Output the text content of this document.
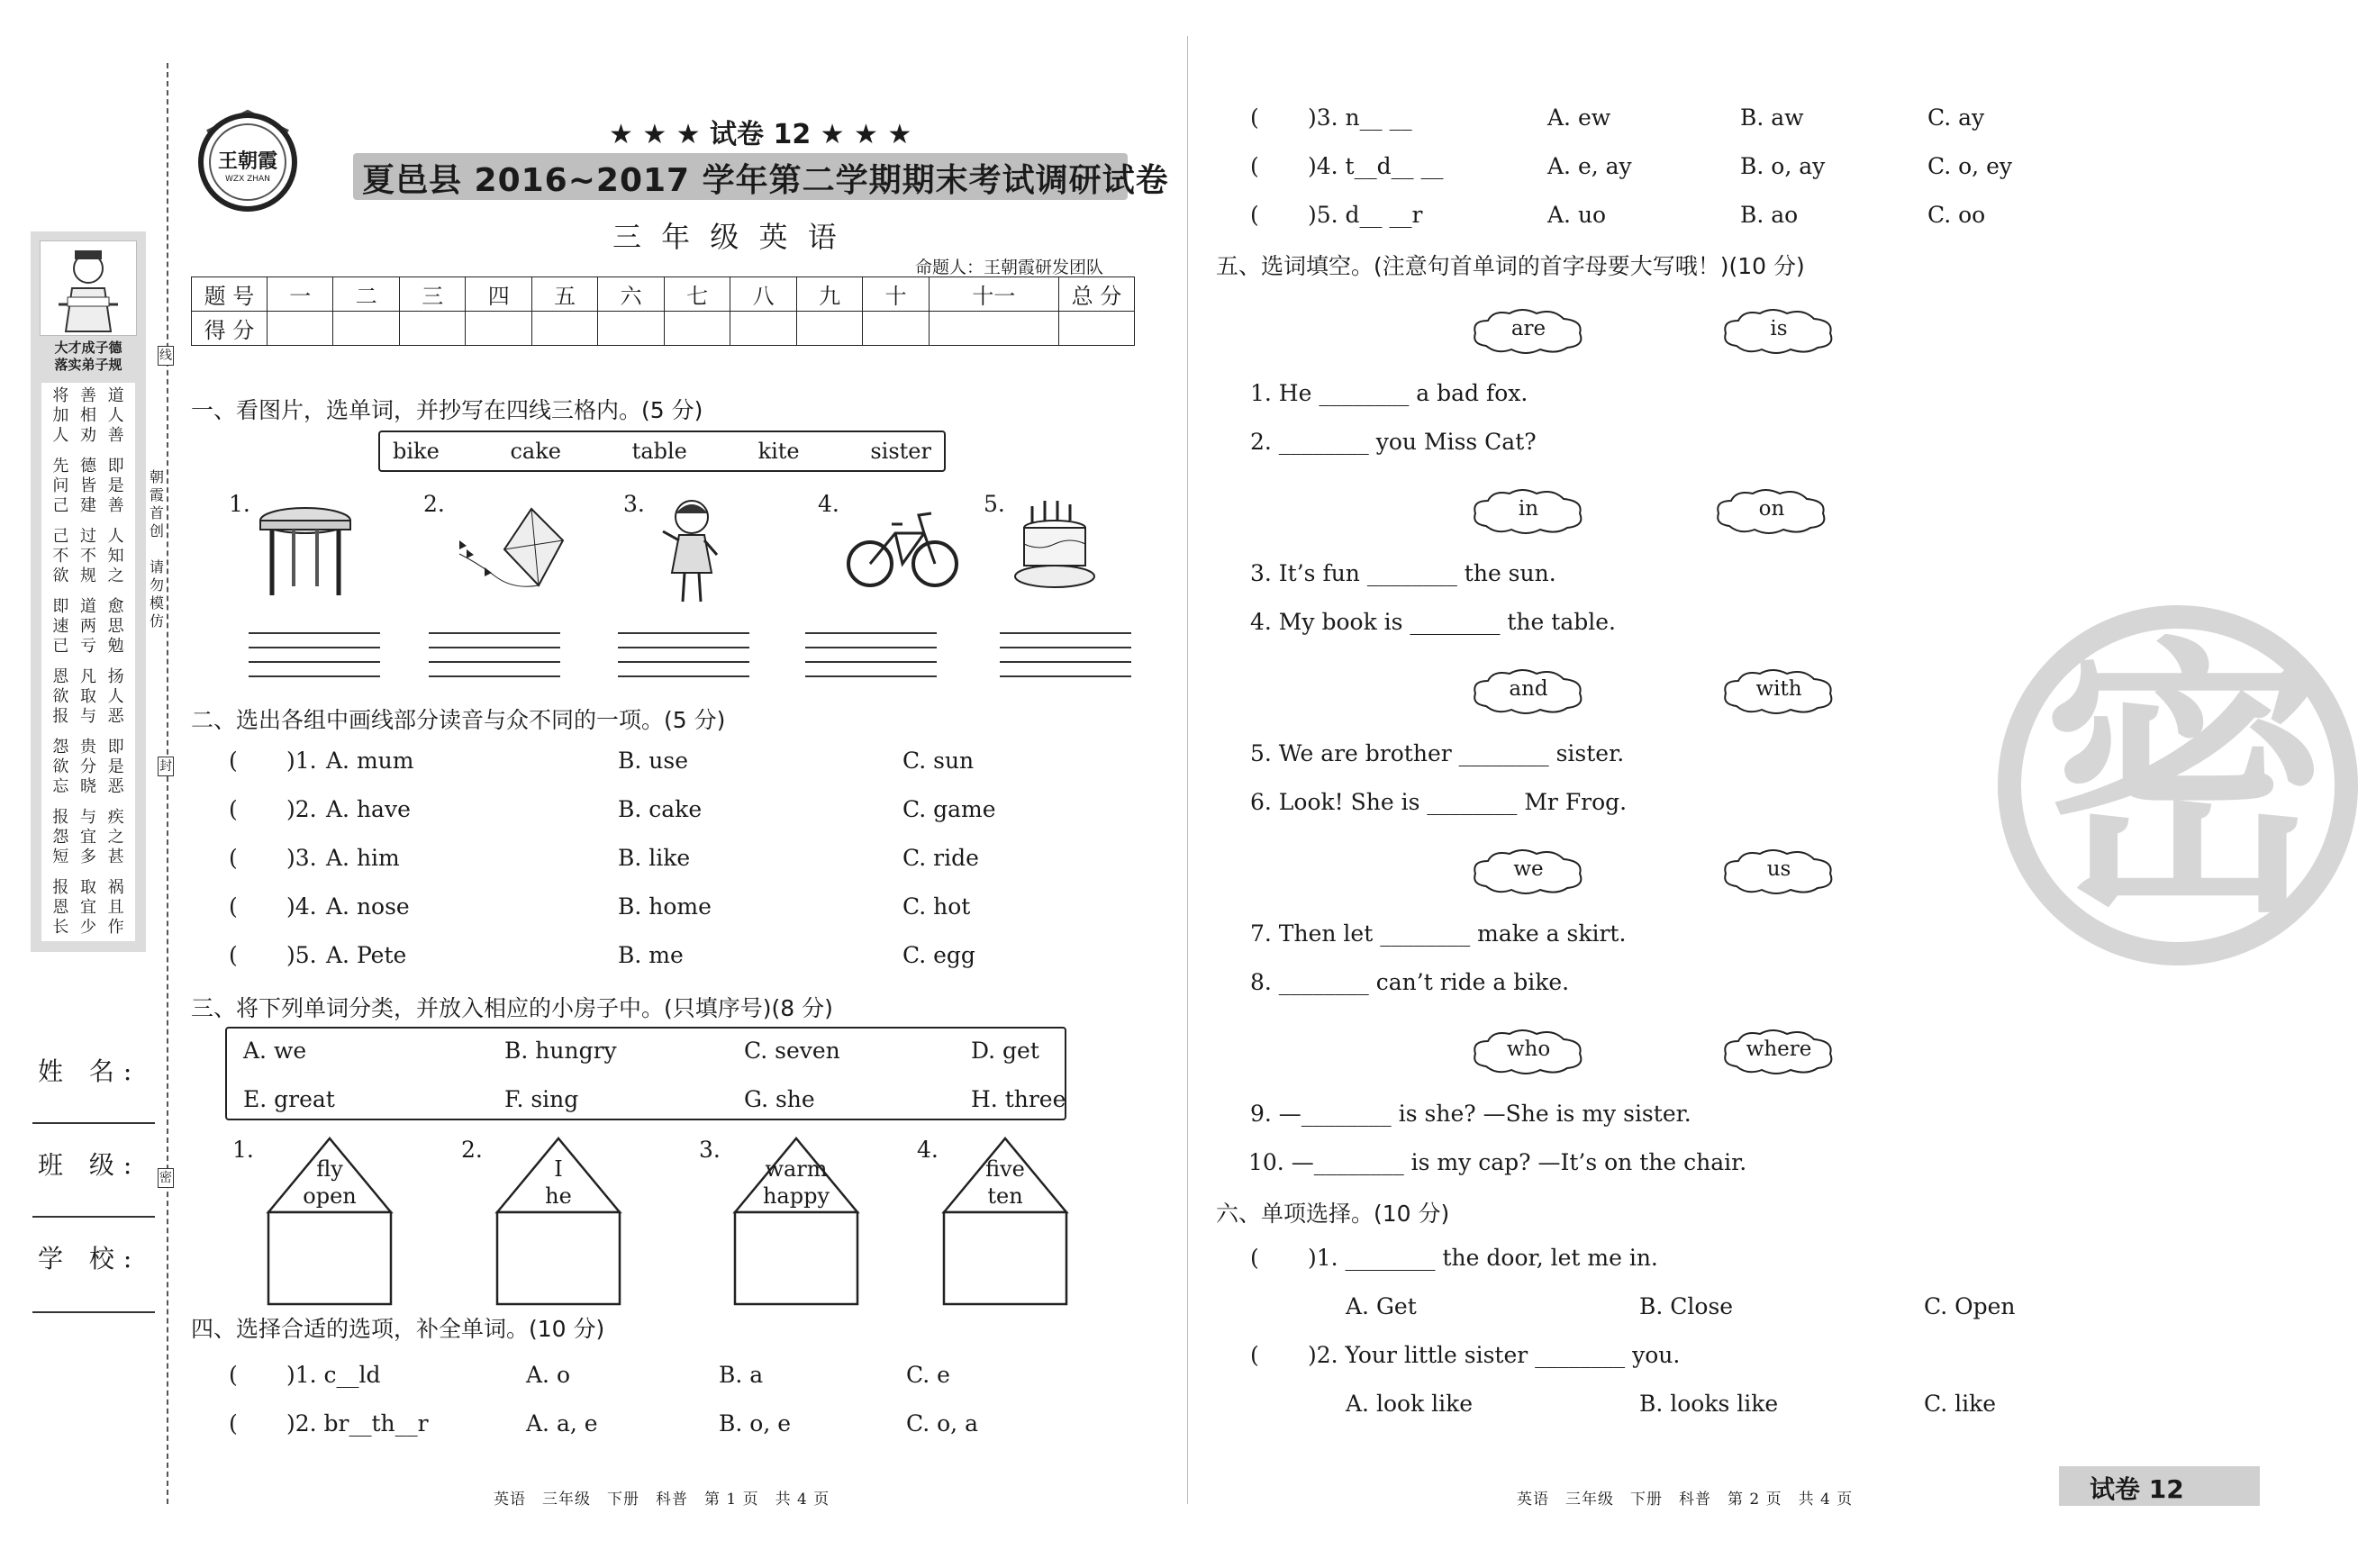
大才成子德
落实弟子规
将 善 道
加 相 人
人 劝 善
先 德 即
问 皆 是
己 建 善
己 过 人
不 不 知
欲 规 之
即 道 愈
速 两 思
已 亏 勉
恩 凡 扬
欲 取 人
报 与 恶
怨 贵 即
欲 分 是
忘 晓 恶
报 与 疾
怨 宜 之
短 多 甚
报 取 祸
恩 宜 且
长 少 作
线
封
密
朝霞首创
请勿模仿
姓 名:
班 级:
学 校:
王朝霞
WZX ZHAN
★ ★ ★ 试卷 12 ★ ★ ★
夏邑县 2016~2017 学年第二学期期末考试调研试卷
三 年 级 英 语
命题人：王朝霞研发团队
题 号	一	二	三	四	五	六	七	八	九	十	十一	总 分
得 分												
一、看图片，选单词，并抄写在四线三格内。(5 分)
bike	cake	table	kite	sister
1.	2.	3.	4.	5.
二、选出各组中画线部分读音与众不同的一项。(5 分)
( )1. A. mum	B. use	C. sun
( )2. A. have	B. cake	C. game
( )3. A. him	B. like	C. ride
( )4. A. nose	B. home	C. hot
( )5. A. Pete	B. me	C. egg
三、将下列单词分类，并放入相应的小房子中。(只填序号)(8 分)
A. we	B. hungry	C. seven	D. get
E. great	F. sing	G. she	H. three
1.
fly
open
2.
I
he
3.
warm
happy
4.
five
ten
四、选择合适的选项，补全单词。(10 分)
( )1. c__ld	A. o	B. a	C. e
( )2. br__th__r	A. a, e	B. o, e	C. o, a
( )3. n__ __	A. ew	B. aw	C. ay
( )4. t__d__ __	A. e, ay	B. o, ay	C. o, ey
( )5. d__ __r	A. uo	B. ao	C. oo
五、选词填空。(注意句首单词的首字母要大写哦！)(10 分)
are	is
in	on
and	with
we	us
who	where
1. He ________ a bad fox.
2. ________ you Miss Cat?
3. It’s fun ________ the sun.
4. My book is ________ the table.
5. We are brother ________ sister.
6. Look! She is ________ Mr Frog.
7. Then let ________ make a skirt.
8. ________ can’t ride a bike.
9. —________ is she? —She is my sister.
10. —________ is my cap? —It’s on the chair.
六、单项选择。(10 分)
( )1. ________ the door, let me in.
A. Get	B. Close	C. Open
( )2. Your little sister ________ you.
A. look like	B. looks like	C. like
英语　三年级　下册　科普　第 1 页　共 4 页	英语　三年级　下册　科普　第 2 页　共 4 页	试卷 12
密
